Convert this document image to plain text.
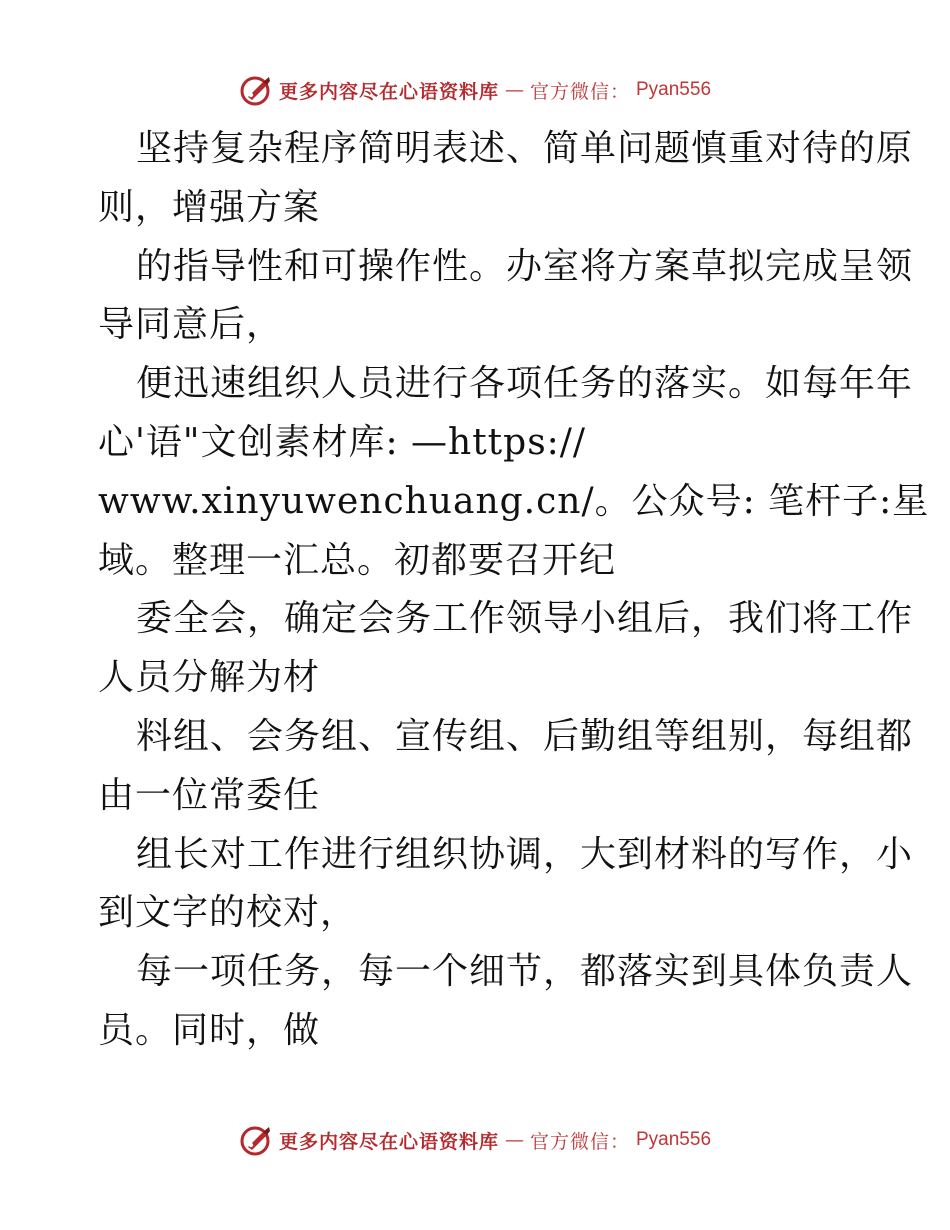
更多内容尽在心语资料库 — 官方微信： Pyan556
坚持复杂程序简明表述、简单问题慎重对待的原
则，增强方案
的指导性和可操作性。办室将方案草拟完成呈领
导同意后，
便迅速组织人员进行各项任务的落实。如每年年
心'语"文创素材库: —https://
www.xinyuwenchuang.cn/。公众号: 笔杆子:星
域。整理一汇总。初都要召开纪
委全会，确定会务工作领导小组后，我们将工作
人员分解为材
料组、会务组、宣传组、后勤组等组别，每组都
由一位常委任
组长对工作进行组织协调，大到材料的写作，小
到文字的校对，
每一项任务，每一个细节，都落实到具体负责人
员。同时，做
更多内容尽在心语资料库 — 官方微信： Pyan556
